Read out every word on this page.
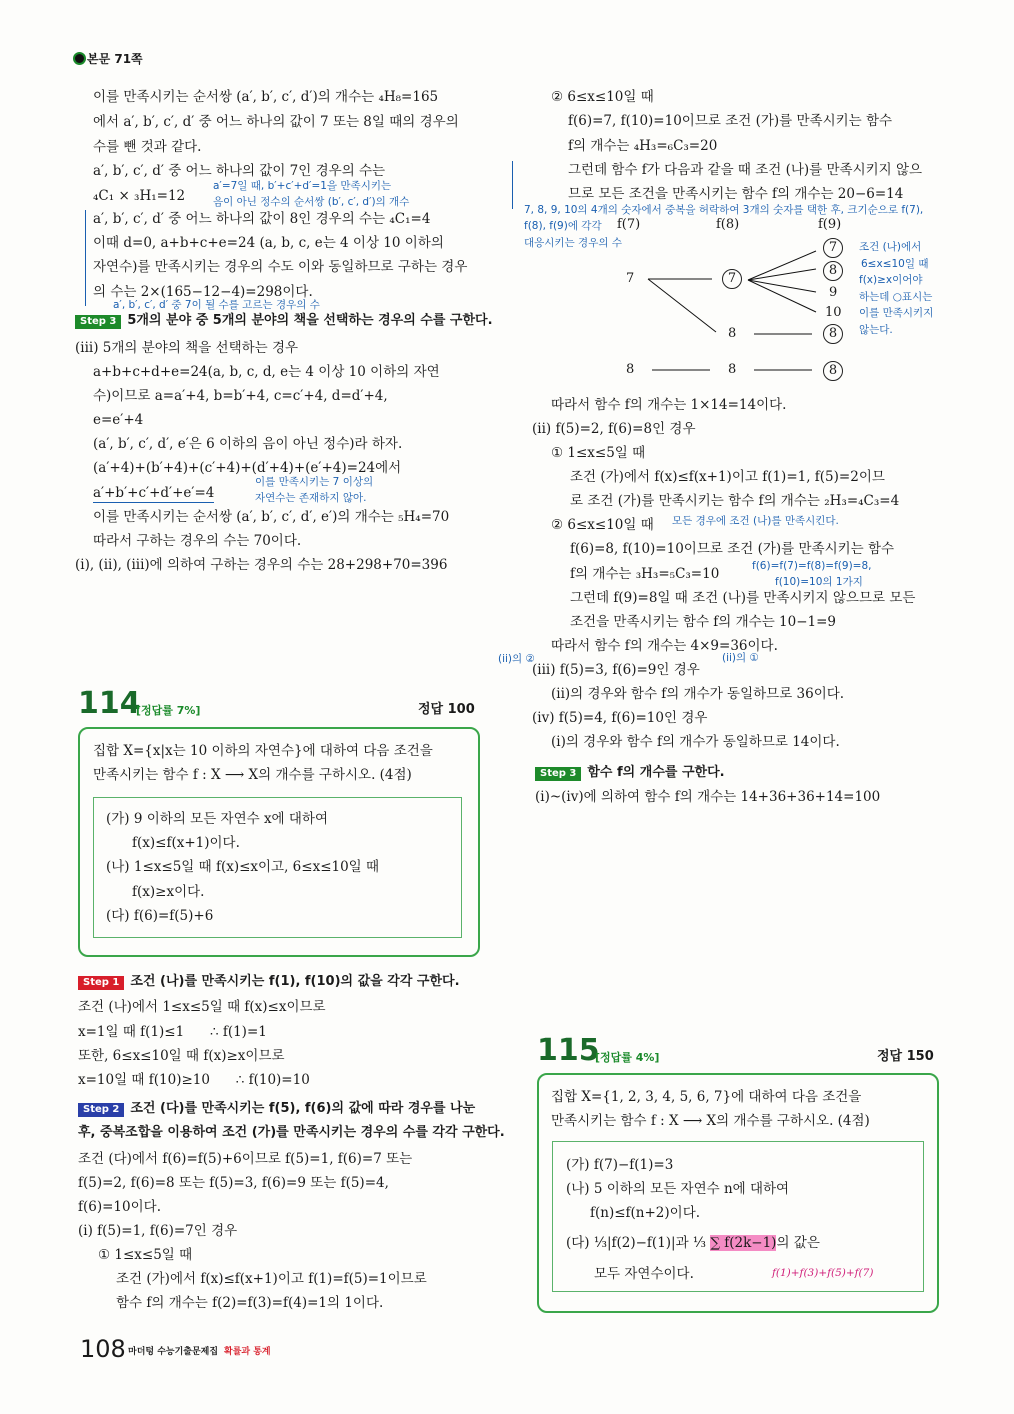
본문 71쪽
이를 만족시키는 순서쌍 (a′, b′, c′, d′)의 개수는 ₄H₈=165
에서 a′, b′, c′, d′ 중 어느 하나의 값이 7 또는 8일 때의 경우의
수를 뺀 것과 같다.
a′, b′, c′, d′ 중 어느 하나의 값이 7인 경우의 수는
₄C₁ × ₃H₁=12
a′, b′, c′, d′ 중 어느 하나의 값이 8인 경우의 수는 ₄C₁=4
이때 d=0, a+b+c+e=24 (a, b, c, e는 4 이상 10 이하의
자연수)를 만족시키는 경우의 수도 이와 동일하므로 구하는 경우
의 수는 2×(165−12−4)=298이다.
a′=7일 때, b′+c′+d′=1을 만족시키는
음이 아닌 정수의 순서쌍 (b′, c′, d′)의 개수
a′, b′, c′, d′ 중 7이 될 수를 고르는 경우의 수
Step 3 5개의 분야 중 5개의 분야의 책을 선택하는 경우의 수를 구한다.
(iii) 5개의 분야의 책을 선택하는 경우
a+b+c+d+e=24(a, b, c, d, e는 4 이상 10 이하의 자연
수)이므로 a=a′+4, b=b′+4, c=c′+4, d=d′+4,
e=e′+4
(a′, b′, c′, d′, e′은 6 이하의 음이 아닌 정수)라 하자.
(a′+4)+(b′+4)+(c′+4)+(d′+4)+(e′+4)=24에서
a′+b′+c′+d′+e′=4
이를 만족시키는 순서쌍 (a′, b′, c′, d′, e′)의 개수는 ₅H₄=70
따라서 구하는 경우의 수는 70이다.
(i), (ii), (iii)에 의하여 구하는 경우의 수는 28+298+70=396
이를 만족시키는 7 이상의
자연수는 존재하지 않아.
114
[정답률 7%]	정답 100
집합 X={x|x는 10 이하의 자연수}에 대하여 다음 조건을
만족시키는 함수 f : X ⟶ X의 개수를 구하시오. (4점)
(가) 9 이하의 모든 자연수 x에 대하여
f(x)≤f(x+1)이다.
(나) 1≤x≤5일 때 f(x)≤x이고, 6≤x≤10일 때
f(x)≥x이다.
(다) f(6)=f(5)+6
Step 1 조건 (나)를 만족시키는 f(1), f(10)의 값을 각각 구한다.
조건 (나)에서 1≤x≤5일 때 f(x)≤x이므로
x=1일 때 f(1)≤1      ∴ f(1)=1
또한, 6≤x≤10일 때 f(x)≥x이므로
x=10일 때 f(10)≥10      ∴ f(10)=10
Step 2 조건 (다)를 만족시키는 f(5), f(6)의 값에 따라 경우를 나눈
후, 중복조합을 이용하여 조건 (가)를 만족시키는 경우의 수를 각각 구한다.
조건 (다)에서 f(6)=f(5)+6이므로 f(5)=1, f(6)=7 또는
f(5)=2, f(6)=8 또는 f(5)=3, f(6)=9 또는 f(5)=4,
f(6)=10이다.
(i) f(5)=1, f(6)=7인 경우
① 1≤x≤5일 때
조건 (가)에서 f(x)≤f(x+1)이고 f(1)=f(5)=1이므로
함수 f의 개수는 f(2)=f(3)=f(4)=1의 1이다.
108 마더텅 수능기출문제집 확률과 통계
② 6≤x≤10일 때
f(6)=7, f(10)=10이므로 조건 (가)를 만족시키는 함수
f의 개수는 ₄H₃=₆C₃=20
그런데 함수 f가 다음과 같을 때 조건 (나)를 만족시키지 않으
므로 모든 조건을 만족시키는 함수 f의 개수는 20−6=14
7, 8, 9, 10의 4개의 숫자에서 중복을 허락하여 3개의 숫자를 택한 후, 크기순으로 f(7),
f(8), f(9)에 각각
대응시키는 경우의 수
f(7)	f(8)	f(9)
7	7
8
8	8
7
8
9
10
8
8
조건 (나)에서
6≤x≤10일 때
f(x)≥x이어야
하는데 ○표시는
이를 만족시키지
않는다.
따라서 함수 f의 개수는 1×14=14이다.
(ii) f(5)=2, f(6)=8인 경우
① 1≤x≤5일 때
조건 (가)에서 f(x)≤f(x+1)이고 f(1)=1, f(5)=2이므
로 조건 (가)를 만족시키는 함수 f의 개수는 ₂H₃=₄C₃=4
② 6≤x≤10일 때
f(6)=8, f(10)=10이므로 조건 (가)를 만족시키는 함수
f의 개수는 ₃H₃=₅C₃=10
그런데 f(9)=8일 때 조건 (나)를 만족시키지 않으므로 모든
조건을 만족시키는 함수 f의 개수는 10−1=9
따라서 함수 f의 개수는 4×9=36이다.
(iii) f(5)=3, f(6)=9인 경우
(ii)의 경우와 함수 f의 개수가 동일하므로 36이다.
(iv) f(5)=4, f(6)=10인 경우
(i)의 경우와 함수 f의 개수가 동일하므로 14이다.
모든 경우에 조건 (나)를 만족시킨다.
f(6)=f(7)=f(8)=f(9)=8,
f(10)=10의 1가지
(ii)의 ②	(ii)의 ①
Step 3 함수 f의 개수를 구한다.
(i)~(iv)에 의하여 함수 f의 개수는 14+36+36+14=100
115
[정답률 4%]	정답 150
집합 X={1, 2, 3, 4, 5, 6, 7}에 대하여 다음 조건을
만족시키는 함수 f : X ⟶ X의 개수를 구하시오. (4점)
(가) f(7)−f(1)=3
(나) 5 이하의 모든 자연수 n에 대하여
f(n)≤f(n+2)이다.
(다) ⅓|f(2)−f(1)|과 ⅓ ∑ f(2k−1)의 값은
모두 자연수이다.	f(1)+f(3)+f(5)+f(7)
